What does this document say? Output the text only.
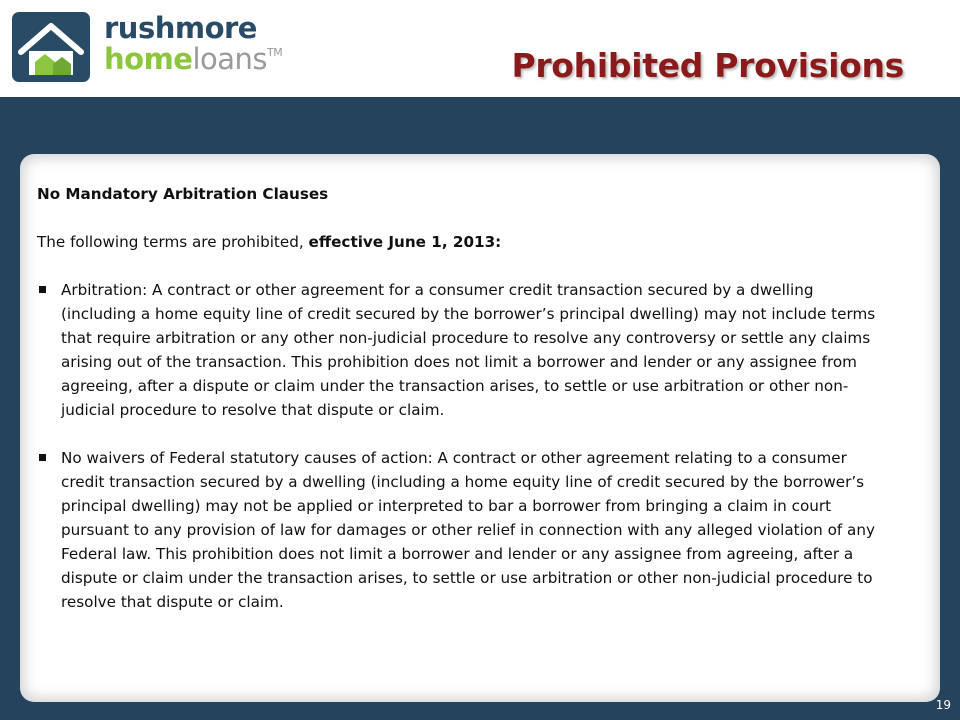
rushmore
homeloans™	Prohibited Provisions

No Mandatory Arbitration Clauses

The following terms are prohibited, effective June 1, 2013:

Arbitration: A contract or other agreement for a consumer credit transaction secured by a dwelling (including a home equity line of credit secured by the borrower’s principal dwelling) may not include terms that require arbitration or any other non-judicial procedure to resolve any controversy or settle any claims arising out of the transaction. This prohibition does not limit a borrower and lender or any assignee from agreeing, after a dispute or claim under the transaction arises, to settle or use arbitration or other non-judicial procedure to resolve that dispute or claim.
No waivers of Federal statutory causes of action: A contract or other agreement relating to a consumer credit transaction secured by a dwelling (including a home equity line of credit secured by the borrower’s principal dwelling) may not be applied or interpreted to bar a borrower from bringing a claim in court pursuant to any provision of law for damages or other relief in connection with any alleged violation of any Federal law. This prohibition does not limit a borrower and lender or any assignee from agreeing, after a dispute or claim under the transaction arises, to settle or use arbitration or other non-judicial procedure to resolve that dispute or claim.
19
